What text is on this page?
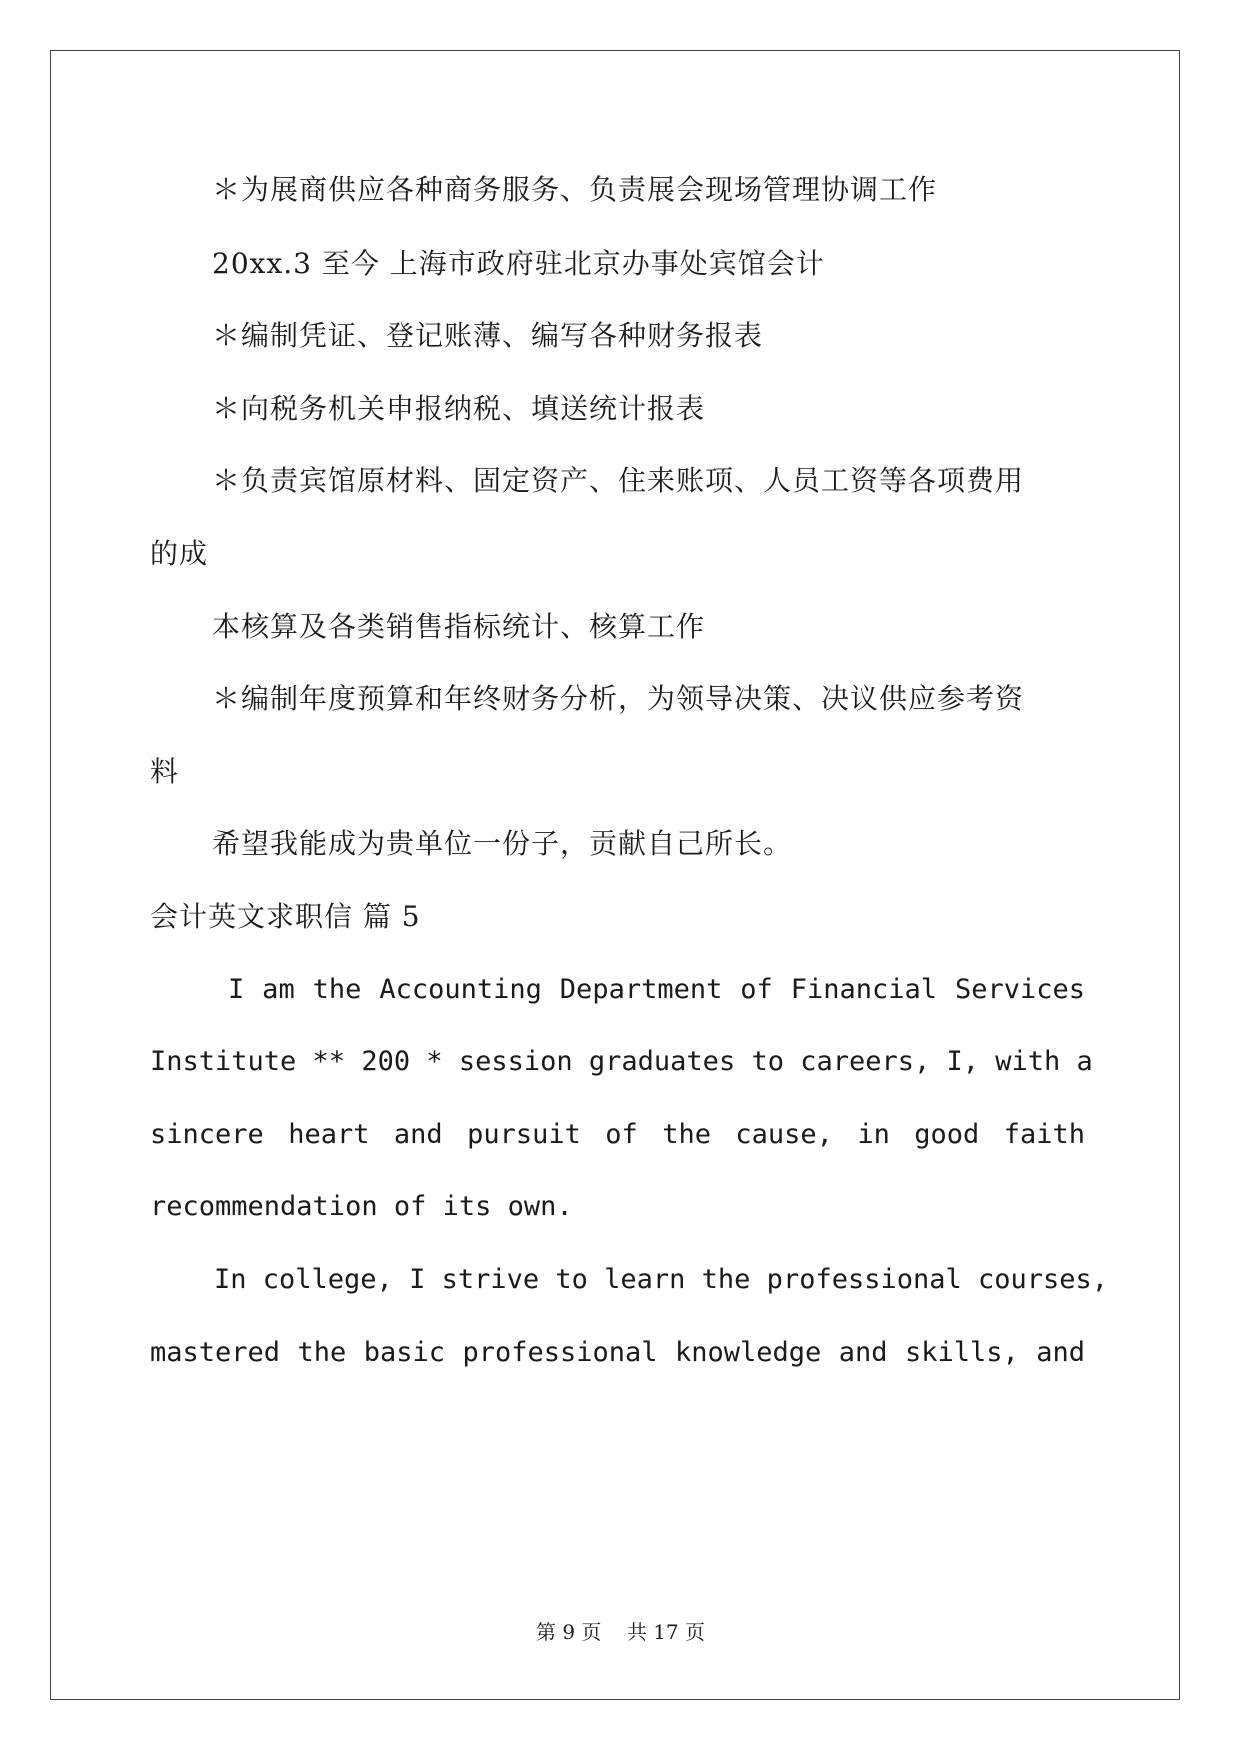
＊为展商供应各种商务服务、负责展会现场管理协调工作
20xx.3 至今 上海市政府驻北京办事处宾馆会计
＊编制凭证、登记账薄、编写各种财务报表
＊向税务机关申报纳税、填送统计报表
＊负责宾馆原材料、固定资产、住来账项、人员工资等各项费用
的成
本核算及各类销售指标统计、核算工作
＊编制年度预算和年终财务分析，为领导决策、决议供应参考资
料
希望我能成为贵单位一份子，贡献自己所长。
会计英文求职信 篇 5
I am the Accounting Department of Financial Services
Institute ** 200 * session graduates to careers, I, with a
sincere heart and pursuit of the cause, in good faith
recommendation of its own.
In college, I strive to learn the professional courses,
mastered the basic professional knowledge and skills, and
第 9 页    共 17 页
